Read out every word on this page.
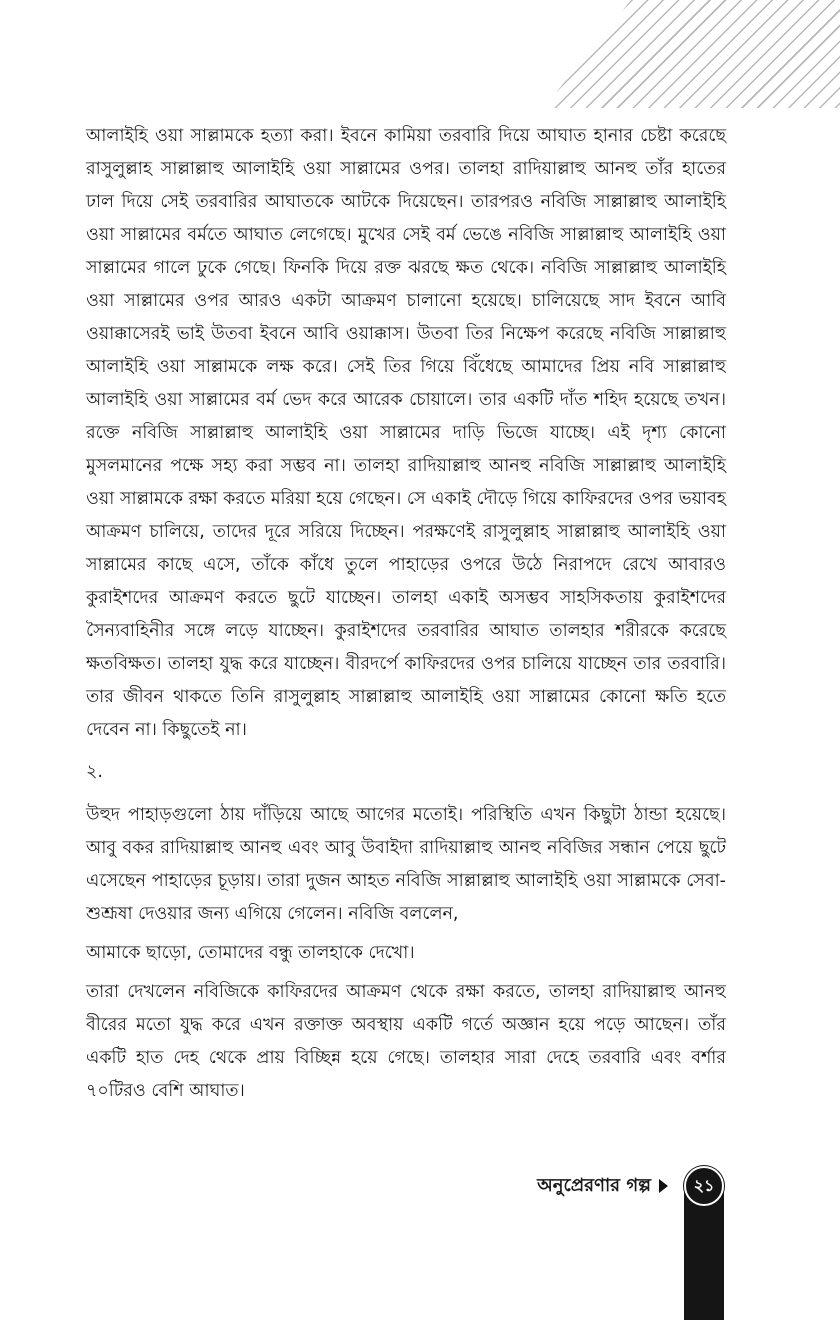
আলাইহি ওয়া সাল্লামকে হত্যা করা। ইবনে কামিয়া তরবারি দিয়ে আঘাত হানার চেষ্টা করেছে রাসুলুল্লাহ সাল্লাল্লাহু আলাইহি ওয়া সাল্লামের ওপর। তালহা রাদিয়াল্লাহু আনহু তাঁর হাতের ঢাল দিয়ে সেই তরবারির আঘাতকে আটকে দিয়েছেন। তারপরও নবিজি সাল্লাল্লাহু আলাইহি ওয়া সাল্লামের বর্মতে আঘাত লেগেছে। মুখের সেই বর্ম ভেঙে নবিজি সাল্লাল্লাহু আলাইহি ওয়া সাল্লামের গালে ঢুকে গেছে। ফিনকি দিয়ে রক্ত ঝরছে ক্ষত থেকে। নবিজি সাল্লাল্লাহু আলাইহি ওয়া সাল্লামের ওপর আরও একটা আক্রমণ চালানো হয়েছে। চালিয়েছে সাদ ইবনে আবি ওয়াক্কাসেরই ভাই উতবা ইবনে আবি ওয়াক্কাস। উতবা তির নিক্ষেপ করেছে নবিজি সাল্লাল্লাহু আলাইহি ওয়া সাল্লামকে লক্ষ করে। সেই তির গিয়ে বিঁধেছে আমাদের প্রিয় নবি সাল্লাল্লাহু আলাইহি ওয়া সাল্লামের বর্ম ভেদ করে আরেক চোয়ালে। তার একটি দাঁত শহিদ হয়েছে তখন। রক্তে নবিজি সাল্লাল্লাহু আলাইহি ওয়া সাল্লামের দাড়ি ভিজে যাচ্ছে। এই দৃশ্য কোনো মুসলমানের পক্ষে সহ্য করা সম্ভব না। তালহা রাদিয়াল্লাহু আনহু নবিজি সাল্লাল্লাহু আলাইহি ওয়া সাল্লামকে রক্ষা করতে মরিয়া হয়ে গেছেন। সে একাই দৌড়ে গিয়ে কাফিরদের ওপর ভয়াবহ আক্রমণ চালিয়ে, তাদের দূরে সরিয়ে দিচ্ছেন। পরক্ষণেই রাসুলুল্লাহ সাল্লাল্লাহু আলাইহি ওয়া সাল্লামের কাছে এসে, তাঁকে কাঁধে তুলে পাহাড়ের ওপরে উঠে নিরাপদে রেখে আবারও কুরাইশদের আক্রমণ করতে ছুটে যাচ্ছেন। তালহা একাই অসম্ভব সাহসিকতায় কুরাইশদের সৈন্যবাহিনীর সঙ্গে লড়ে যাচ্ছেন। কুরাইশদের তরবারির আঘাত তালহার শরীরকে করেছে ক্ষতবিক্ষত। তালহা যুদ্ধ করে যাচ্ছেন। বীরদর্পে কাফিরদের ওপর চালিয়ে যাচ্ছেন তার তরবারি। তার জীবন থাকতে তিনি রাসুলুল্লাহ সাল্লাল্লাহু আলাইহি ওয়া সাল্লামের কোনো ক্ষতি হতে দেবেন না। কিছুতেই না।

২.

উহুদ পাহাড়গুলো ঠায় দাঁড়িয়ে আছে আগের মতোই। পরিস্থিতি এখন কিছুটা ঠান্ডা হয়েছে। আবু বকর রাদিয়াল্লাহু আনহু এবং আবু উবাইদা রাদিয়াল্লাহু আনহু নবিজির সন্ধান পেয়ে ছুটে এসেছেন পাহাড়ের চূড়ায়। তারা দুজন আহত নবিজি সাল্লাল্লাহু আলাইহি ওয়া সাল্লামকে সেবা-শুশ্রূষা দেওয়ার জন্য এগিয়ে গেলেন। নবিজি বললেন,

আমাকে ছাড়ো, তোমাদের বন্ধু তালহাকে দেখো।

তারা দেখলেন নবিজিকে কাফিরদের আক্রমণ থেকে রক্ষা করতে, তালহা রাদিয়াল্লাহু আনহু বীরের মতো যুদ্ধ করে এখন রক্তাক্ত অবস্থায় একটি গর্তে অজ্ঞান হয়ে পড়ে আছেন। তাঁর একটি হাত দেহ থেকে প্রায় বিচ্ছিন্ন হয়ে গেছে। তালহার সারা দেহে তরবারি এবং বর্শার ৭০টিরও বেশি আঘাত।

অনুপ্রেরণার গল্প	২১
